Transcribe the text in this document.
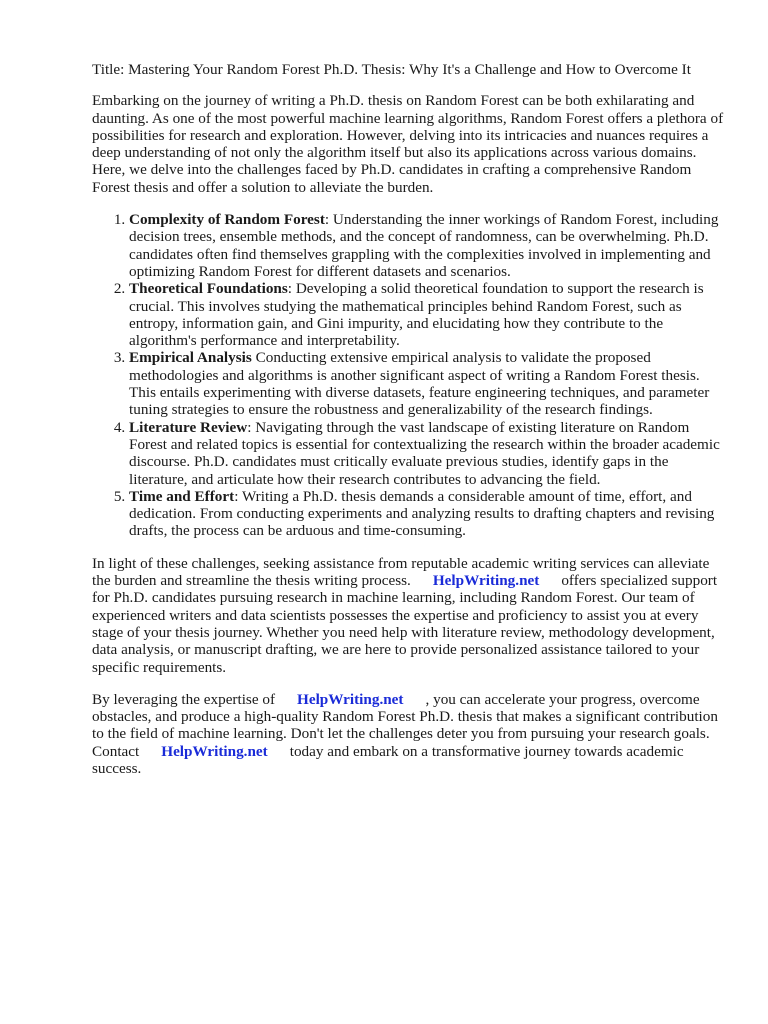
Title: Mastering Your Random Forest Ph.D. Thesis: Why It's a Challenge and How to Overcome It

Embarking on the journey of writing a Ph.D. thesis on Random Forest can be both exhilarating and daunting. As one of the most powerful machine learning algorithms, Random Forest offers a plethora of possibilities for research and exploration. However, delving into its intricacies and nuances requires a deep understanding of not only the algorithm itself but also its applications across various domains. Here, we delve into the challenges faced by Ph.D. candidates in crafting a comprehensive Random Forest thesis and offer a solution to alleviate the burden.

1. Complexity of Random Forest: Understanding the inner workings of Random Forest, including decision trees, ensemble methods, and the concept of randomness, can be overwhelming. Ph.D. candidates often find themselves grappling with the complexities involved in implementing and optimizing Random Forest for different datasets and scenarios.
2. Theoretical Foundations: Developing a solid theoretical foundation to support the research is crucial. This involves studying the mathematical principles behind Random Forest, such as entropy, information gain, and Gini impurity, and elucidating how they contribute to the algorithm's performance and interpretability.
3. Empirical Analysis Conducting extensive empirical analysis to validate the proposed methodologies and algorithms is another significant aspect of writing a Random Forest thesis. This entails experimenting with diverse datasets, feature engineering techniques, and parameter tuning strategies to ensure the robustness and generalizability of the research findings.
4. Literature Review: Navigating through the vast landscape of existing literature on Random Forest and related topics is essential for contextualizing the research within the broader academic discourse. Ph.D. candidates must critically evaluate previous studies, identify gaps in the literature, and articulate how their research contributes to advancing the field.
5. Time and Effort: Writing a Ph.D. thesis demands a considerable amount of time, effort, and dedication. From conducting experiments and analyzing results to drafting chapters and revising drafts, the process can be arduous and time-consuming.

In light of these challenges, seeking assistance from reputable academic writing services can alleviate the burden and streamline the thesis writing process. HelpWriting.net offers specialized support for Ph.D. candidates pursuing research in machine learning, including Random Forest. Our team of experienced writers and data scientists possesses the expertise and proficiency to assist you at every stage of your thesis journey. Whether you need help with literature review, methodology development, data analysis, or manuscript drafting, we are here to provide personalized assistance tailored to your specific requirements.

By leveraging the expertise of HelpWriting.net , you can accelerate your progress, overcome obstacles, and produce a high-quality Random Forest Ph.D. thesis that makes a significant contribution to the field of machine learning. Don't let the challenges deter you from pursuing your research goals. Contact HelpWriting.net today and embark on a transformative journey towards academic success.
